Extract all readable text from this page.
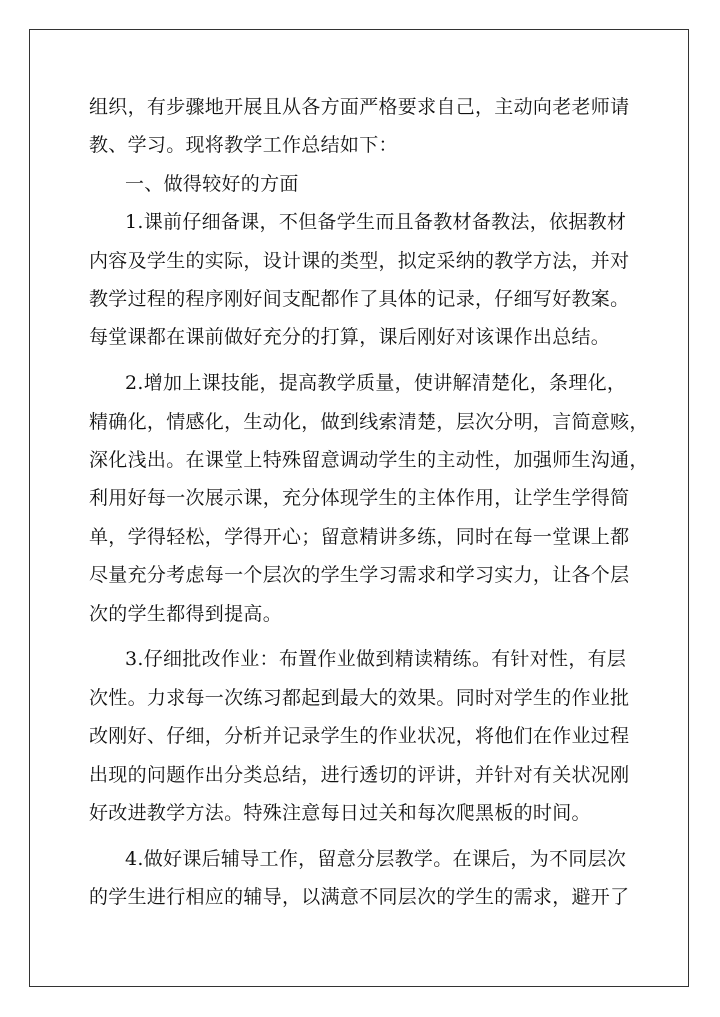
组织，有步骤地开展且从各方面严格要求自己，主动向老老师请
教、学习。现将教学工作总结如下：
一、做得较好的方面
1.课前仔细备课，不但备学生而且备教材备教法，依据教材
内容及学生的实际，设计课的类型，拟定采纳的教学方法，并对
教学过程的程序刚好间支配都作了具体的记录，仔细写好教案。
每堂课都在课前做好充分的打算，课后刚好对该课作出总结。
2.增加上课技能，提高教学质量，使讲解清楚化，条理化，
精确化，情感化，生动化，做到线索清楚，层次分明，言简意赅，
深化浅出。在课堂上特殊留意调动学生的主动性，加强师生沟通，
利用好每一次展示课，充分体现学生的主体作用，让学生学得简
单，学得轻松，学得开心；留意精讲多练，同时在每一堂课上都
尽量充分考虑每一个层次的学生学习需求和学习实力，让各个层
次的学生都得到提高。
3.仔细批改作业：布置作业做到精读精练。有针对性，有层
次性。力求每一次练习都起到最大的效果。同时对学生的作业批
改刚好、仔细，分析并记录学生的作业状况，将他们在作业过程
出现的问题作出分类总结，进行透切的评讲，并针对有关状况刚
好改进教学方法。特殊注意每日过关和每次爬黑板的时间。
4.做好课后辅导工作，留意分层教学。在课后，为不同层次
的学生进行相应的辅导，以满意不同层次的学生的需求，避开了
